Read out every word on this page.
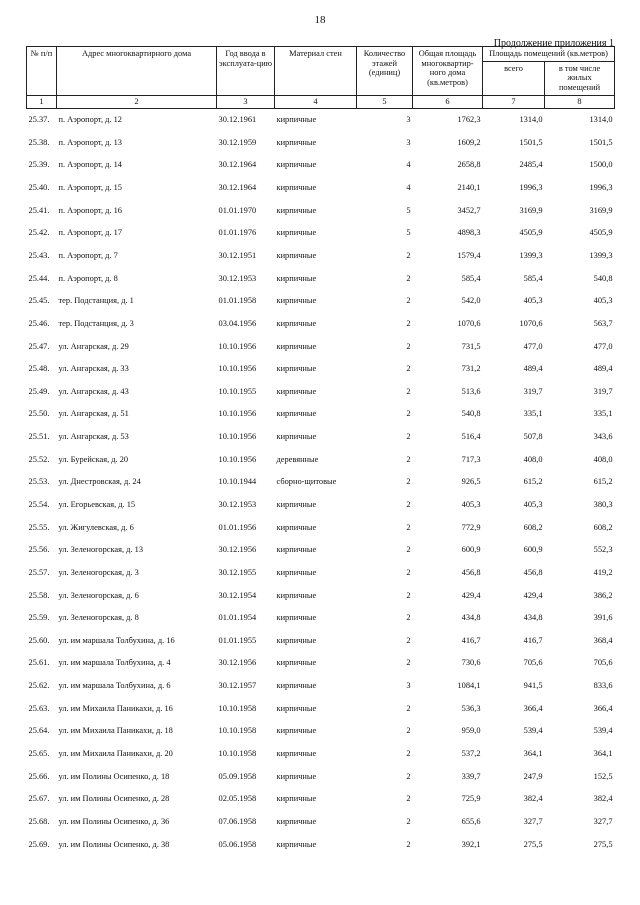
18
Продолжение приложения 1
№ п/п	Адрес многоквартирного дома	Год ввода в эксплуата-цию	Материал стен	Количество этажей (единиц)	Общая площадь многоквартир-ного дома (кв.метров)	Площадь помещений (кв.метров)	
						всего	в том числе жилых помещений
1	2	3	4	5	6	7	8
25.37.	п. Аэропорт, д. 12	30.12.1961	кирпичные	3	1762,3	1314,0	1314,0
25.38.	п. Аэропорт, д. 13	30.12.1959	кирпичные	3	1609,2	1501,5	1501,5
25.39.	п. Аэропорт, д. 14	30.12.1964	кирпичные	4	2658,8	2485,4	1500,0
25.40.	п. Аэропорт, д. 15	30.12.1964	кирпичные	4	2140,1	1996,3	1996,3
25.41.	п. Аэропорт, д. 16	01.01.1970	кирпичные	5	3452,7	3169,9	3169,9
25.42.	п. Аэропорт, д. 17	01.01.1976	кирпичные	5	4898,3	4505,9	4505,9
25.43.	п. Аэропорт, д. 7	30.12.1951	кирпичные	2	1579,4	1399,3	1399,3
25.44.	п. Аэропорт, д. 8	30.12.1953	кирпичные	2	585,4	585,4	540,8
25.45.	тер. Подстанция, д. 1	01.01.1958	кирпичные	2	542,0	405,3	405,3
25.46.	тер. Подстанция, д. 3	03.04.1956	кирпичные	2	1070,6	1070,6	563,7
25.47.	ул. Ангарская, д. 29	10.10.1956	кирпичные	2	731,5	477,0	477,0
25.48.	ул. Ангарская, д. 33	10.10.1956	кирпичные	2	731,2	489,4	489,4
25.49.	ул. Ангарская, д. 43	10.10.1955	кирпичные	2	513,6	319,7	319,7
25.50.	ул. Ангарская, д. 51	10.10.1956	кирпичные	2	540,8	335,1	335,1
25.51.	ул. Ангарская, д. 53	10.10.1956	кирпичные	2	516,4	507,8	343,6
25.52.	ул. Бурейская, д. 20	10.10.1956	деревянные	2	717,3	408,0	408,0
25.53.	ул. Днестровская, д. 24	10.10.1944	сборно-щитовые	2	926,5	615,2	615,2
25.54.	ул. Егорьевская, д. 15	30.12.1953	кирпичные	2	405,3	405,3	380,3
25.55.	ул. Жигулевская, д. 6	01.01.1956	кирпичные	2	772,9	608,2	608,2
25.56.	ул. Зеленогорская, д. 13	30.12.1956	кирпичные	2	600,9	600,9	552,3
25.57.	ул. Зеленогорская, д. 3	30.12.1955	кирпичные	2	456,8	456,8	419,2
25.58.	ул. Зеленогорская, д. 6	30.12.1954	кирпичные	2	429,4	429,4	386,2
25.59.	ул. Зеленогорская, д. 8	01.01.1954	кирпичные	2	434,8	434,8	391,6
25.60.	ул. им маршала Толбухина, д. 16	01.01.1955	кирпичные	2	416,7	416,7	368,4
25.61.	ул. им маршала Толбухина, д. 4	30.12.1956	кирпичные	2	730,6	705,6	705,6
25.62.	ул. им маршала Толбухина, д. 6	30.12.1957	кирпичные	3	1084,1	941,5	833,6
25.63.	ул. им Михаила Паникахи, д. 16	10.10.1958	кирпичные	2	536,3	366,4	366,4
25.64.	ул. им Михаила Паникахи, д. 18	10.10.1958	кирпичные	2	959,0	539,4	539,4
25.65.	ул. им Михаила Паникахи, д. 20	10.10.1958	кирпичные	2	537,2	364,1	364,1
25.66.	ул. им Полины Осипенко, д. 18	05.09.1958	кирпичные	2	339,7	247,9	152,5
25.67.	ул. им Полины Осипенко, д. 28	02.05.1958	кирпичные	2	725,9	382,4	382,4
25.68.	ул. им Полины Осипенко, д. 36	07.06.1958	кирпичные	2	655,6	327,7	327,7
25.69.	ул. им Полины Осипенко, д. 38	05.06.1958	кирпичные	2	392,1	275,5	275,5
